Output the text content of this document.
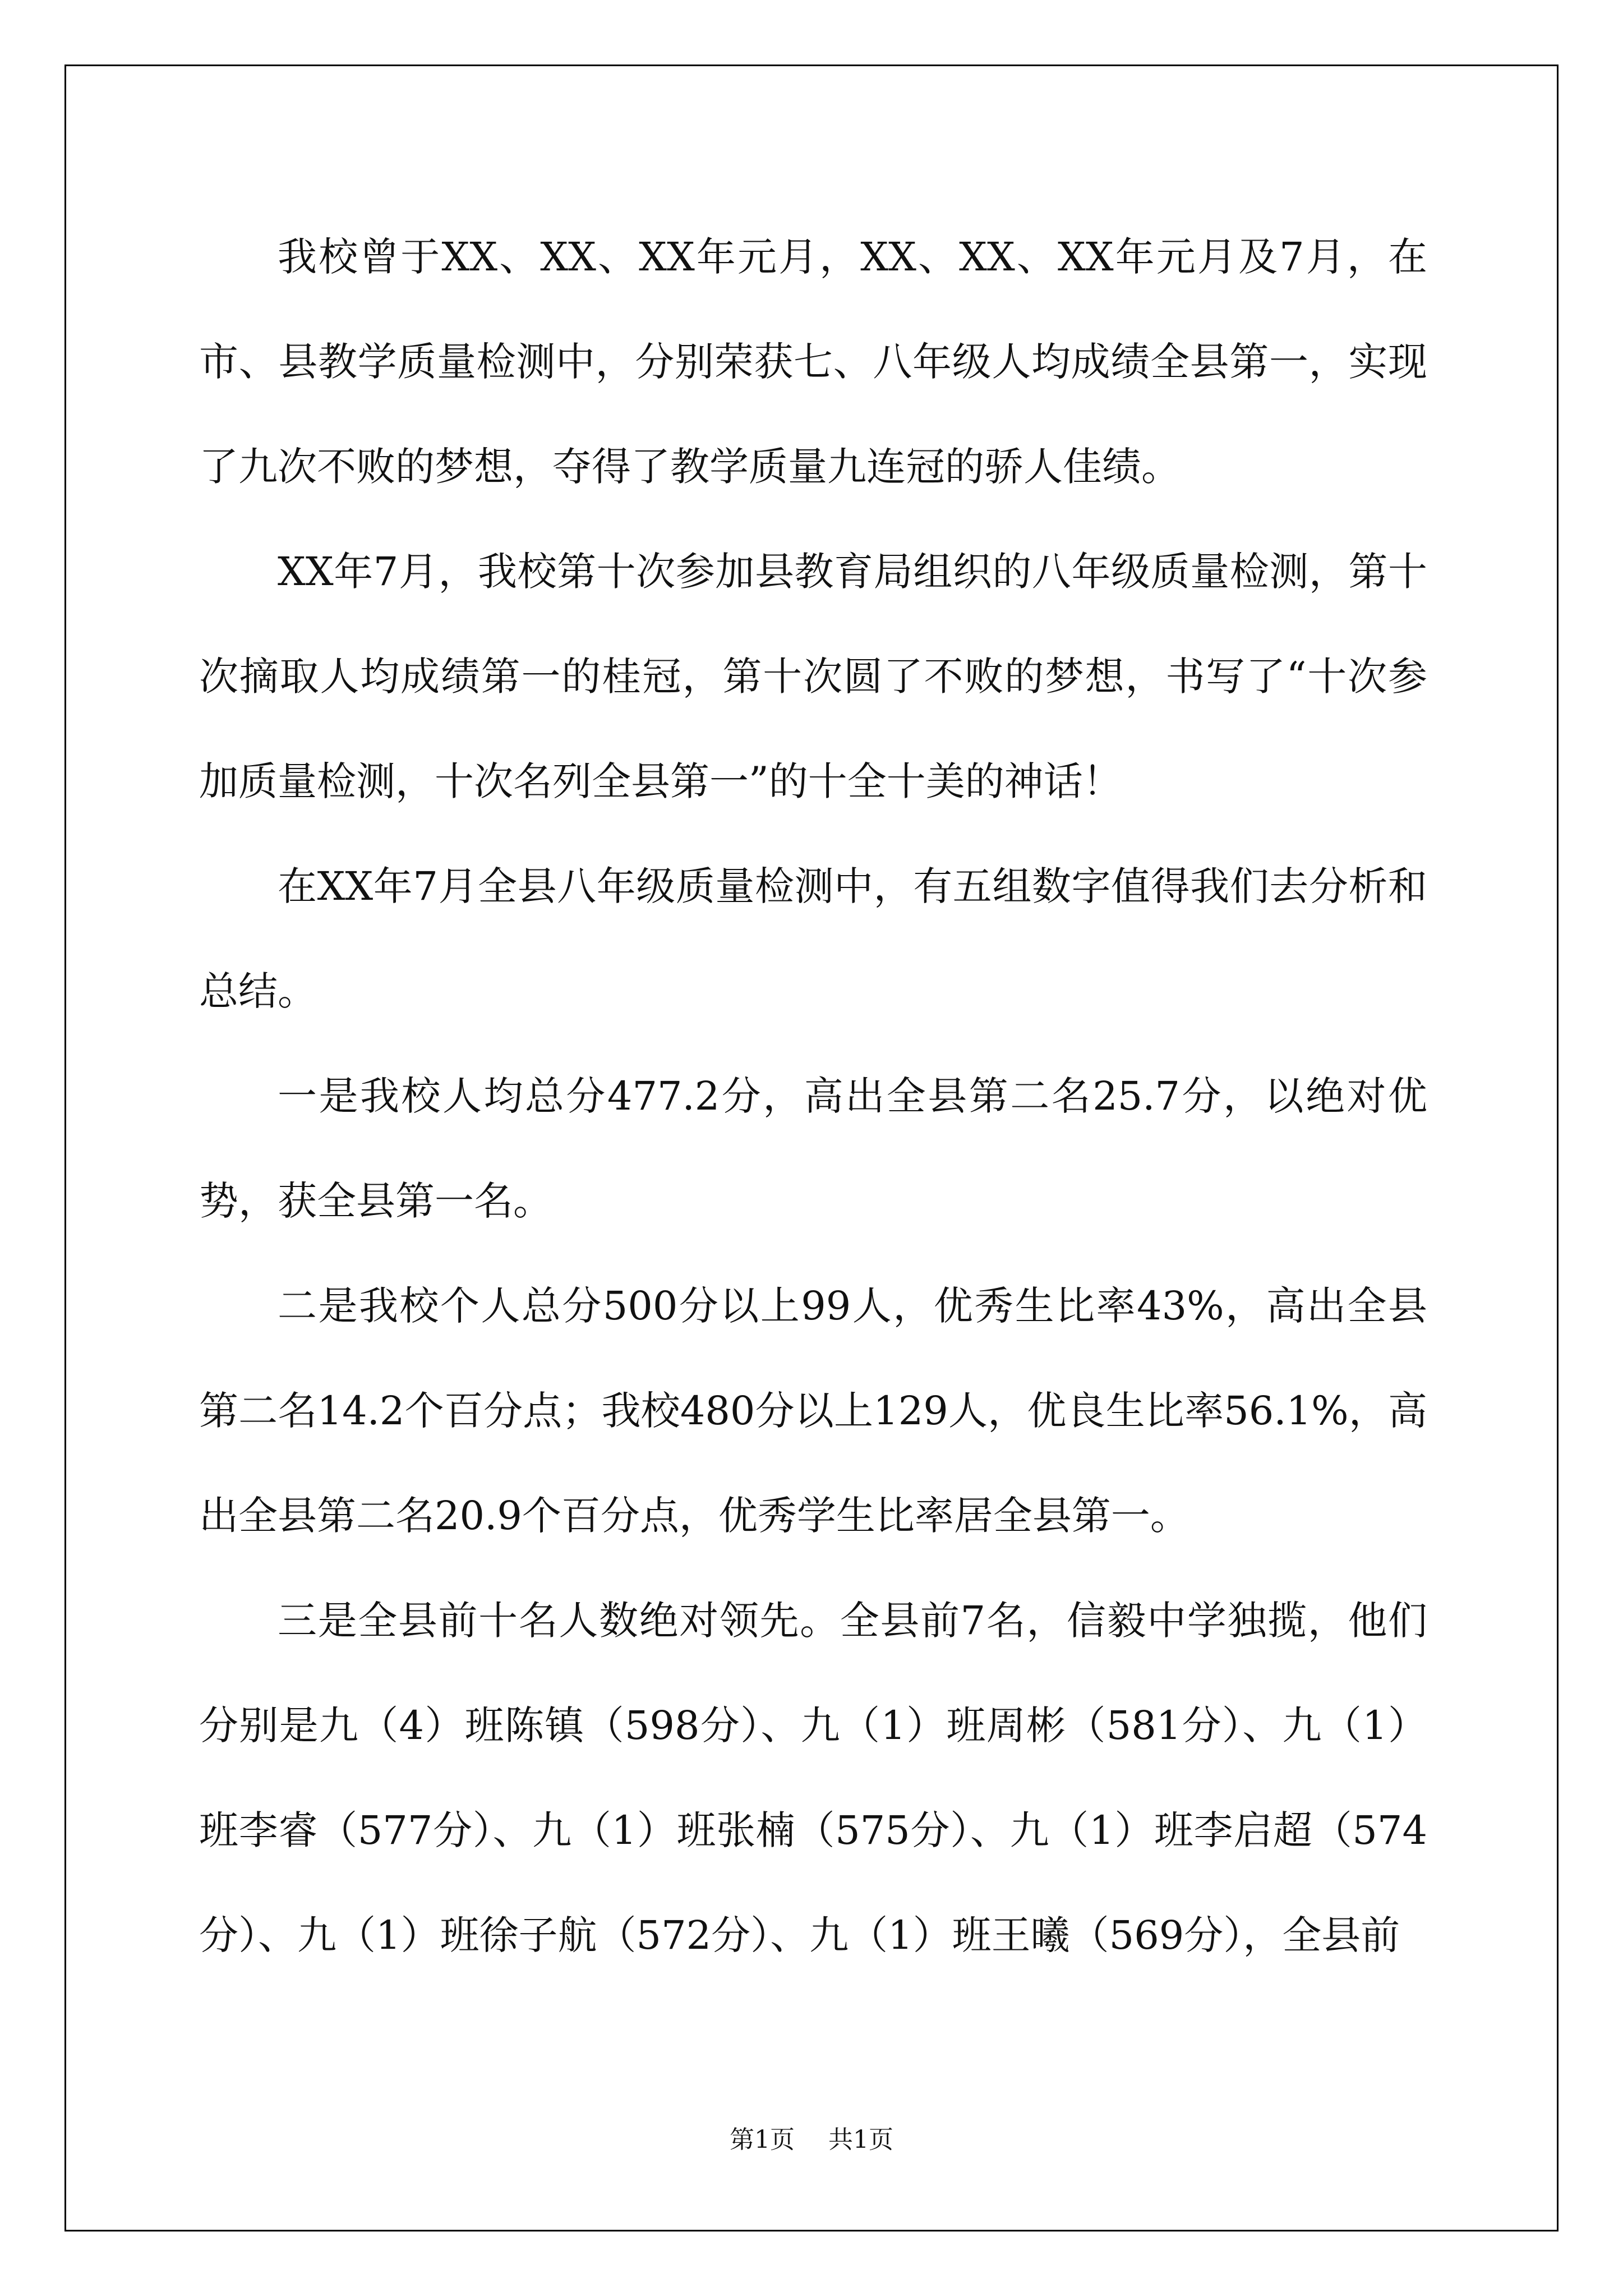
我校曾于XX、XX、XX年元月，XX、XX、XX年元月及7月，在市、县教学质量检测中，分别荣获七、八年级人均成绩全县第一，实现了九次不败的梦想，夺得了教学质量九连冠的骄人佳绩。

XX年7月，我校第十次参加县教育局组织的八年级质量检测，第十次摘取人均成绩第一的桂冠，第十次圆了不败的梦想，书写了“十次参加质量检测，十次名列全县第一”的十全十美的神话！

在XX年7月全县八年级质量检测中，有五组数字值得我们去分析和总结。

一是我校人均总分477.2分，高出全县第二名25.7分，以绝对优势，获全县第一名。

二是我校个人总分500分以上99人，优秀生比率43%，高出全县第二名14.2个百分点；我校480分以上129人，优良生比率56.1%，高出全县第二名20.9个百分点，优秀学生比率居全县第一。

三是全县前十名人数绝对领先。全县前7名，信毅中学独揽，他们分别是九（4）班陈镇（598分）、九（1）班周彬（581分）、九（1）班李睿（577分）、九（1）班张楠（575分）、九（1）班李启超（574分）、九（1）班徐子航（572分）、九（1）班王曦（569分），全县前

第1页 共1页
